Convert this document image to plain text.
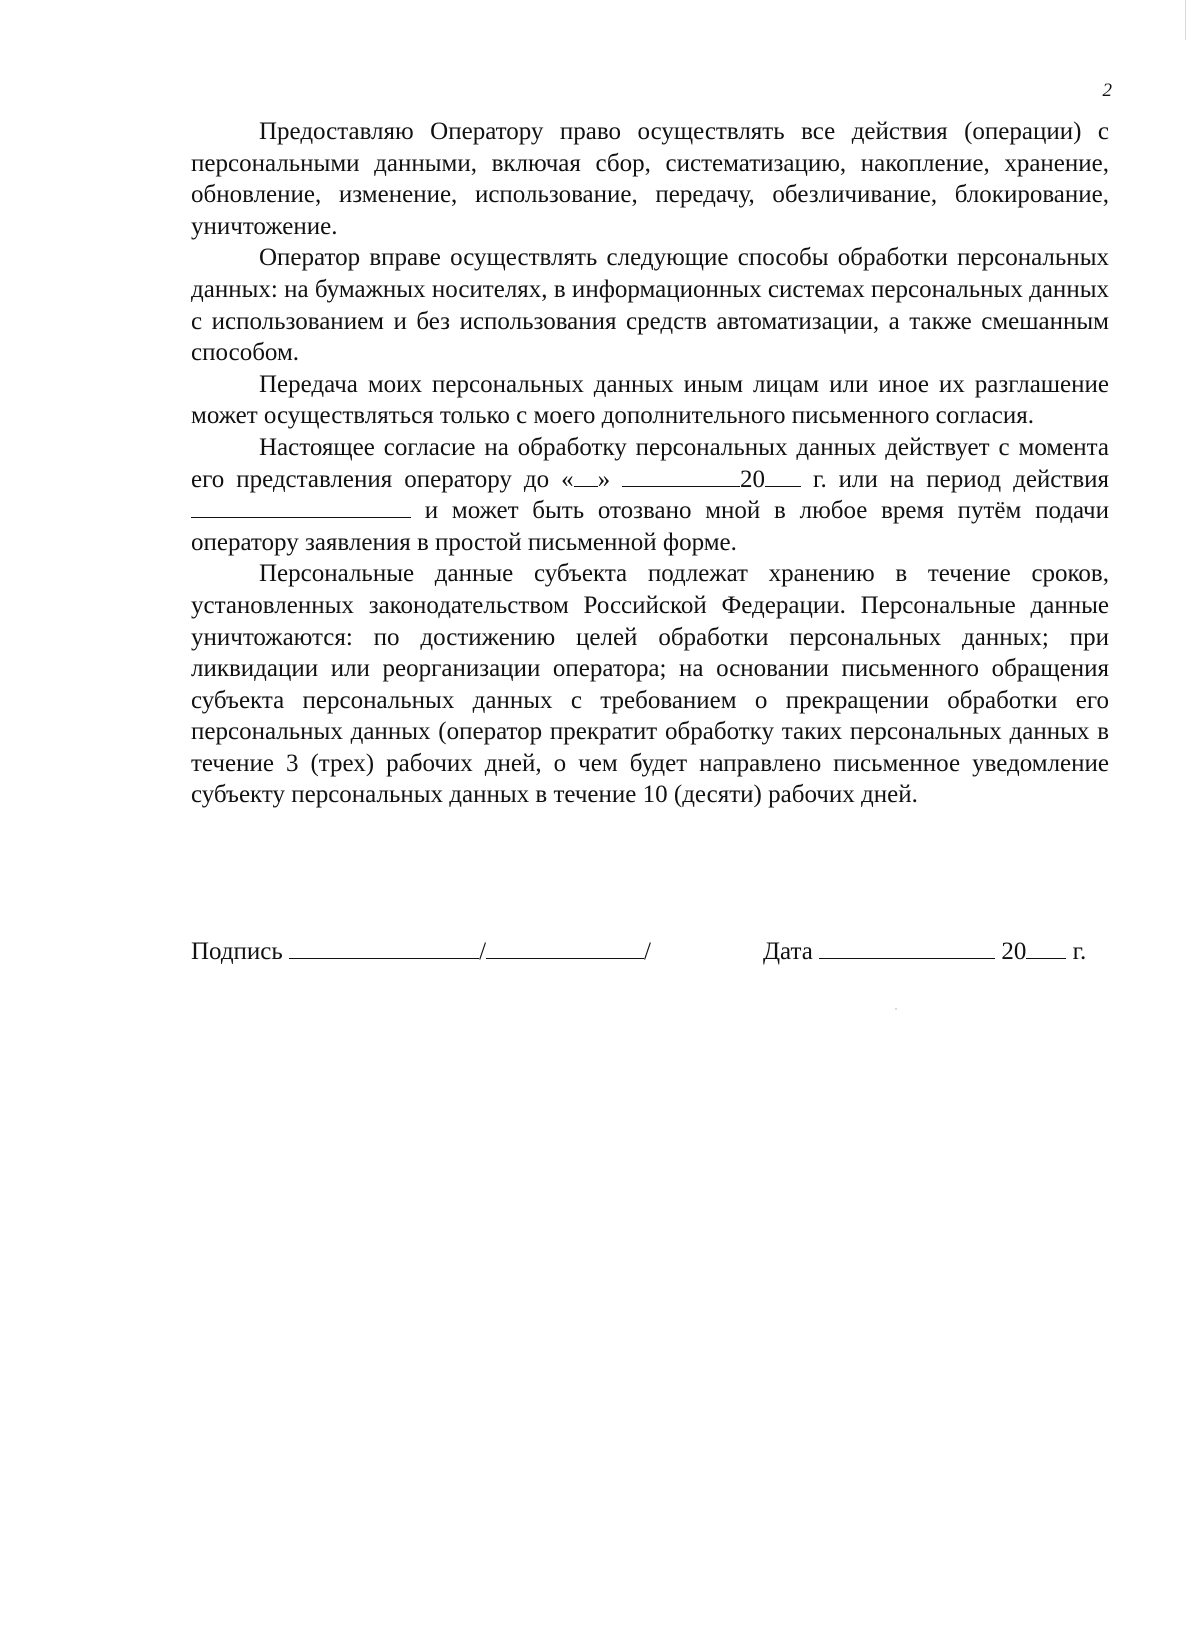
2

Предоставляю Оператору право осуществлять все действия (операции) с персональными данными, включая сбор, систематизацию, накопление, хранение, обновление, изменение, использование, передачу, обезличивание, блокирование, уничтожение.

Оператор вправе осуществлять следующие способы обработки персональных данных: на бумажных носителях, в информационных системах персональных данных с использованием и без использования средств автоматизации, а также смешанным способом.

Передача моих персональных данных иным лицам или иное их разглашение может осуществляться только с моего дополнительного письменного согласия.

Настоящее согласие на обработку персональных данных действует с момента его представления оператору до « »	20 г. или на период действия  и может быть отозвано мной в любое время путём подачи оператору заявления в простой письменной форме.

Персональные данные субъекта подлежат хранению в течение сроков, установленных законодательством Российской Федерации. Персональные данные уничтожаются: по достижению целей обработки персональных данных; при ликвидации или реорганизации оператора; на основании письменного обращения субъекта персональных данных с требованием о прекращении обработки его персональных данных (оператор прекратит обработку таких персональных данных в течение 3 (трех) рабочих дней, о чем будет направлено письменное уведомление субъекту персональных данных в течение 10 (десяти) рабочих дней.

Подпись	/	/	Дата	20 г.
